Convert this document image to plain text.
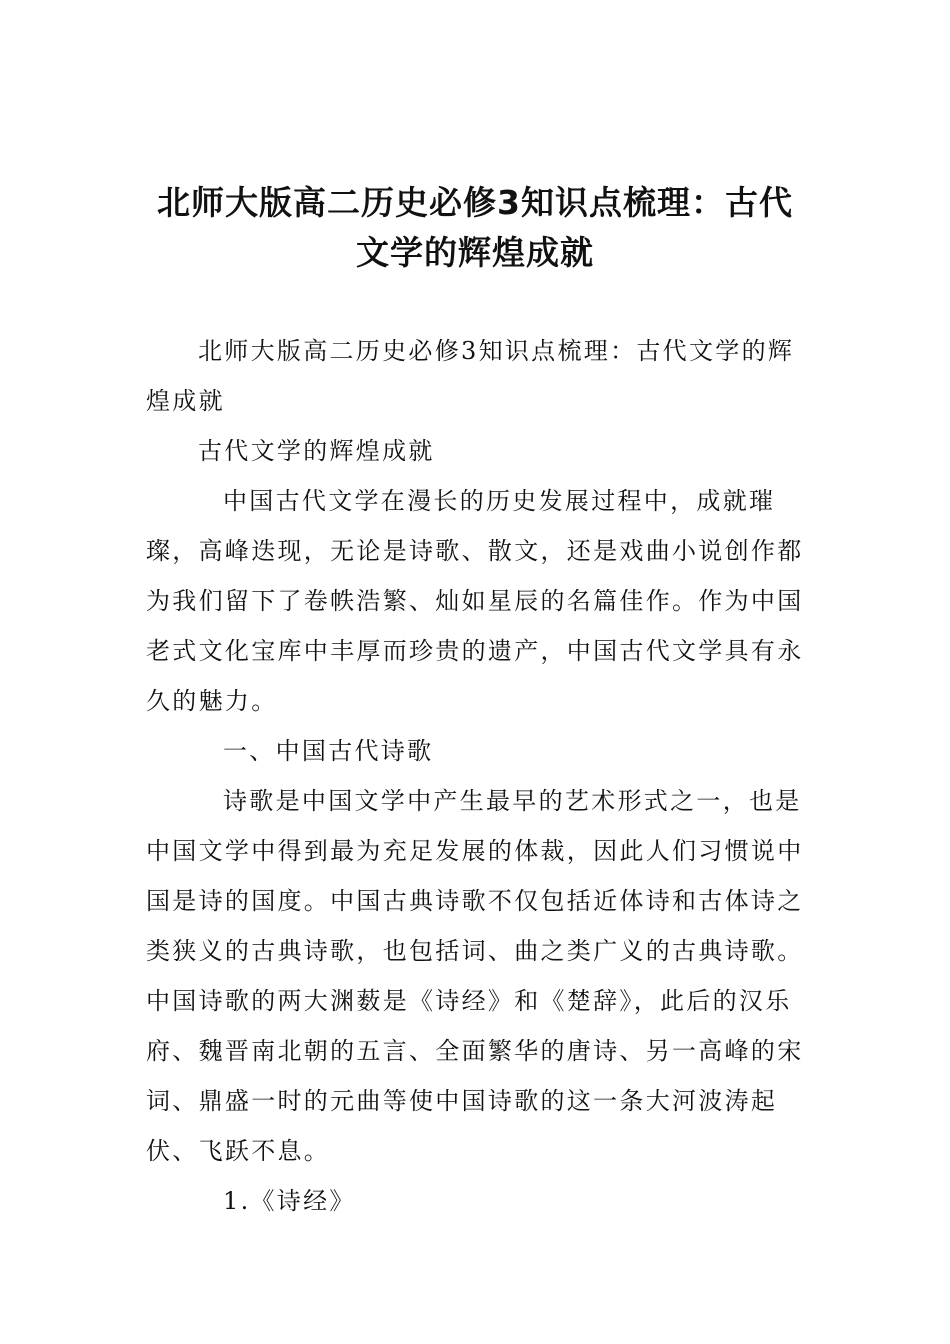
北师大版高二历史必修3知识点梳理：古代文学的辉煌成就

北师大版高二历史必修3知识点梳理：古代文学的辉煌成就

古代文学的辉煌成就

中国古代文学在漫长的历史发展过程中，成就璀璨，高峰迭现，无论是诗歌、散文，还是戏曲小说创作都为我们留下了卷帙浩繁、灿如星辰的名篇佳作。作为中国老式文化宝库中丰厚而珍贵的遗产，中国古代文学具有永久的魅力。

一、中国古代诗歌

诗歌是中国文学中产生最早的艺术形式之一，也是中国文学中得到最为充足发展的体裁，因此人们习惯说中国是诗的国度。中国古典诗歌不仅包括近体诗和古体诗之类狭义的古典诗歌，也包括词、曲之类广义的古典诗歌。中国诗歌的两大渊薮是《诗经》和《楚辞》，此后的汉乐府、魏晋南北朝的五言、全面繁华的唐诗、另一高峰的宋词、鼎盛一时的元曲等使中国诗歌的这一条大河波涛起伏、飞跃不息。

1.《诗经》
